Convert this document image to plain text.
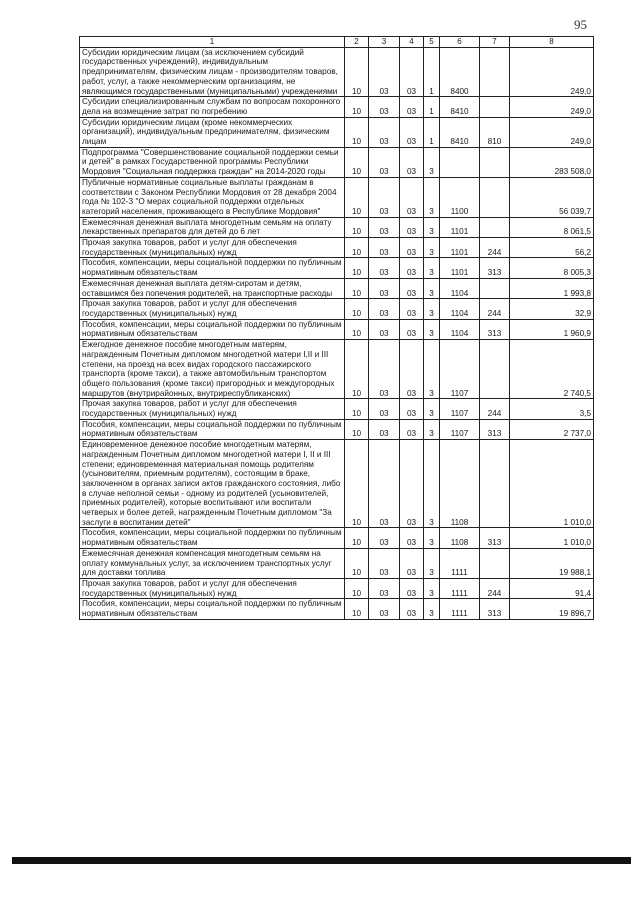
95
1	2	3	4	5	6	7	8
Субсидии юридическим лицам (за исключением субсидий государственных учреждений), индивидуальным предпринимателям, физическим лицам - производителям товаров, работ, услуг, а также некоммерческим организациям, не являющимся государственными (муниципальными) учреждениями	10	03	03	1	8400		249,0
Субсидии специализированным службам по вопросам похоронного дела на возмещение затрат по погребению	10	03	03	1	8410		249,0
Субсидии юридическим лицам (кроме некоммерческих организаций), индивидуальным предпринимателям, физическим лицам	10	03	03	1	8410	810	249,0
Подпрограмма "Совершенствование социальной поддержки семьи и детей" в рамках Государственной программы Республики Мордовия "Социальная поддержка граждан" на 2014-2020 годы	10	03	03	3			283 508,0
Публичные нормативные социальные выплаты гражданам в соответствии с Законом Республики Мордовия от 28 декабря 2004 года № 102-З "О мерах социальной поддержки отдельных категорий населения, проживающего в Республике Мордовия"	10	03	03	3	1100		56 039,7
Ежемесячная денежная выплата многодетным семьям на оплату лекарственных препаратов для детей до 6 лет	10	03	03	3	1101		8 061,5
Прочая закупка товаров, работ и услуг для обеспечения государственных (муниципальных) нужд	10	03	03	3	1101	244	56,2
Пособия, компенсации, меры социальной поддержки по публичным нормативным обязательствам	10	03	03	3	1101	313	8 005,3
Ежемесячная денежная выплата детям-сиротам и детям, оставшимся без попечения родителей, на транспортные расходы	10	03	03	3	1104		1 993,8
Прочая закупка товаров, работ и услуг для обеспечения государственных (муниципальных) нужд	10	03	03	3	1104	244	32,9
Пособия, компенсации, меры социальной поддержки по публичным нормативным обязательствам	10	03	03	3	1104	313	1 960,9
Ежегодное денежное пособие многодетным матерям, награжденным Почетным дипломом многодетной матери I,II и III степени, на проезд на всех видах городского пассажирского транспорта (кроме такси), а также автомобильным транспортом общего пользования (кроме такси) пригородных и междугородных маршрутов (внутрирайонных, внутриреспубликанских)	10	03	03	3	1107		2 740,5
Прочая закупка товаров, работ и услуг для обеспечения государственных (муниципальных) нужд	10	03	03	3	1107	244	3,5
Пособия, компенсации, меры социальной поддержки по публичным нормативным обязательствам	10	03	03	3	1107	313	2 737,0
Единовременное денежное пособие многодетным матерям, награжденным Почетным дипломом многодетной матери I, II и III степени; единовременная материальная помощь родителям (усыновителям, приемным родителям), состоящим в браке, заключенном в органах записи актов гражданского состояния, либо в случае неполной семьи - одному из родителей (усыновителей, приемных родителей), которые воспитывают или воспитали четверых и более детей, награжденным Почетным дипломом "За заслуги в воспитании детей"	10	03	03	3	1108		1 010,0
Пособия, компенсации, меры социальной поддержки по публичным нормативным обязательствам	10	03	03	3	1108	313	1 010,0
Ежемесячная денежная компенсация многодетным семьям на оплату коммунальных услуг, за исключением транспортных услуг для доставки топлива	10	03	03	3	1111		19 988,1
Прочая закупка товаров, работ и услуг для обеспечения государственных (муниципальных) нужд	10	03	03	3	1111	244	91,4
Пособия, компенсации, меры социальной поддержки по публичным нормативным обязательствам	10	03	03	3	1111	313	19 896,7
